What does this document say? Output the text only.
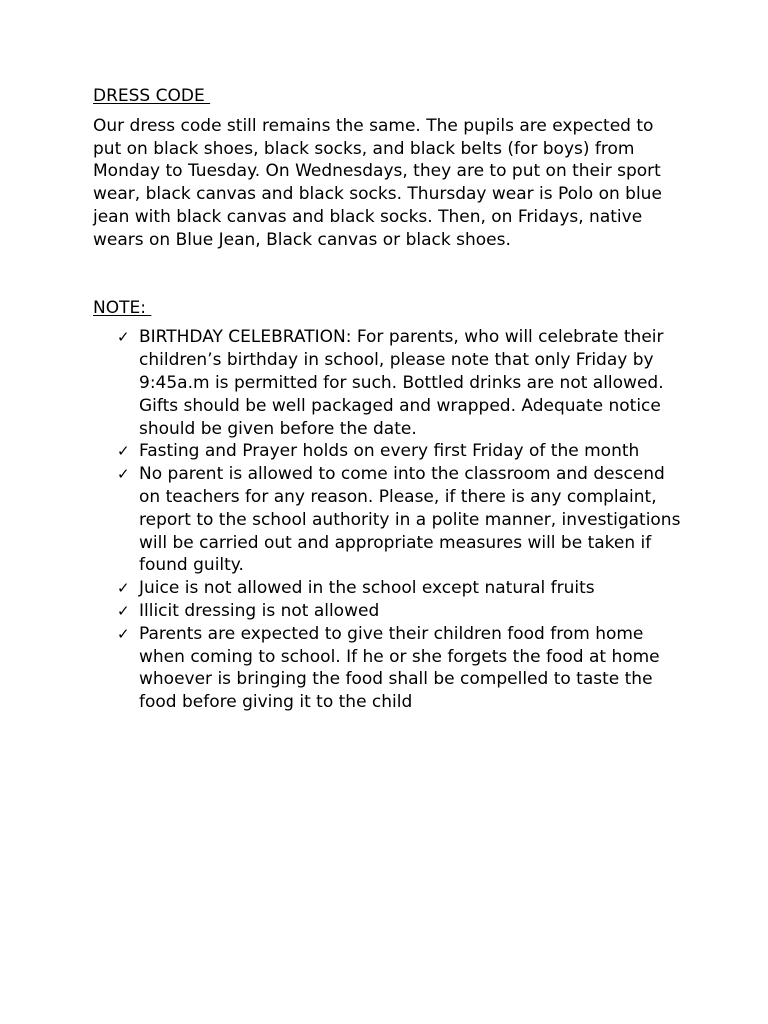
DRESS CODE

Our dress code still remains the same. The pupils are expected to put on black shoes, black socks, and black belts (for boys) from Monday to Tuesday. On Wednesdays, they are to put on their sport wear, black canvas and black socks. Thursday wear is Polo on blue jean with black canvas and black socks. Then, on Fridays, native wears on Blue Jean, Black canvas or black shoes.

NOTE:

✓ BIRTHDAY CELEBRATION: For parents, who will celebrate their children’s birthday in school, please note that only Friday by 9:45a.m is permitted for such. Bottled drinks are not allowed. Gifts should be well packaged and wrapped. Adequate notice should be given before the date.
✓ Fasting and Prayer holds on every first Friday of the month
✓ No parent is allowed to come into the classroom and descend on teachers for any reason. Please, if there is any complaint, report to the school authority in a polite manner, investigations will be carried out and appropriate measures will be taken if found guilty.
✓ Juice is not allowed in the school except natural fruits
✓ Illicit dressing is not allowed
✓ Parents are expected to give their children food from home when coming to school. If he or she forgets the food at home whoever is bringing the food shall be compelled to taste the food before giving it to the child
